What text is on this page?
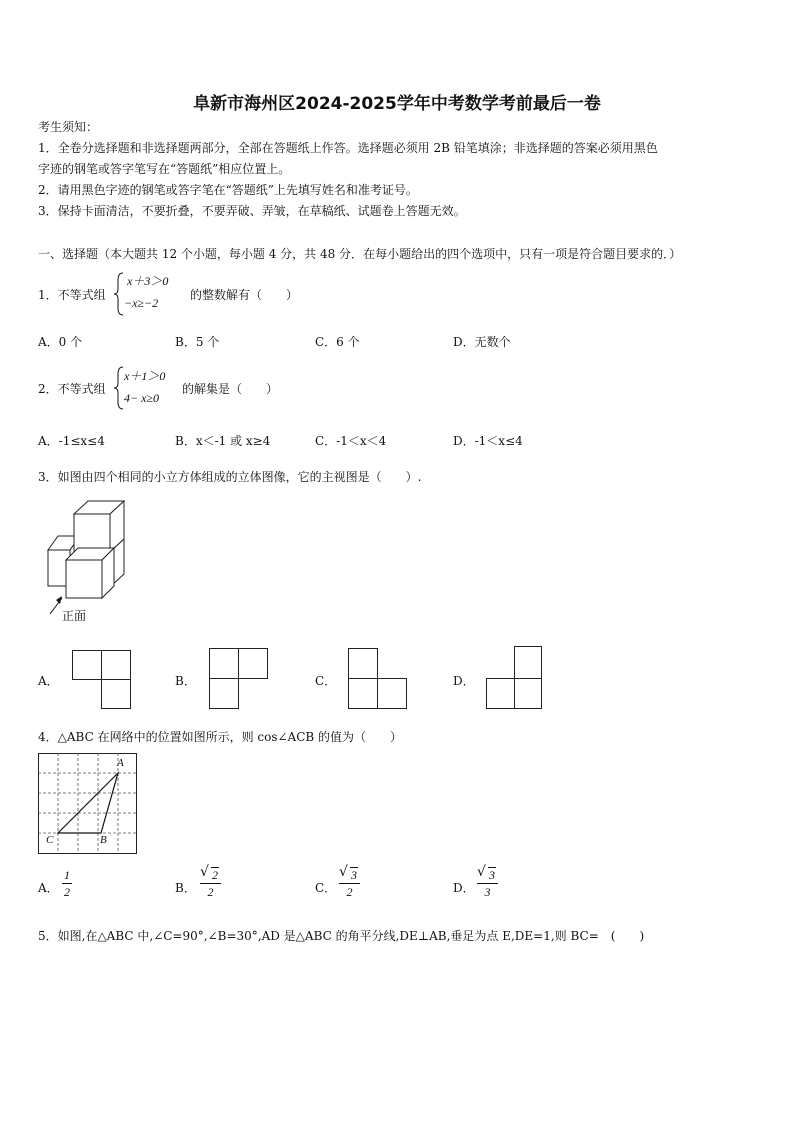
阜新市海州区2024-2025学年中考数学考前最后一卷
考生须知：
1．全卷分选择题和非选择题两部分，全部在答题纸上作答。选择题必须用 2B 铅笔填涂；非选择题的答案必须用黑色
字迹的钢笔或答字笔写在“答题纸”相应位置上。
2．请用黑色字迹的钢笔或答字笔在“答题纸”上先填写姓名和准考证号。
3．保持卡面清洁，不要折叠，不要弄破、弄皱，在草稿纸、试题卷上答题无效。
一、选择题（本大题共 12 个小题，每小题 4 分，共 48 分．在每小题给出的四个选项中，只有一项是符合题目要求的．）
1．不等式组
x＋3＞0
−x≥−2
的整数解有（　　）
A．0 个	B．5 个	C．6 个	D．无数个
2．不等式组
x＋1＞0
4− x≥0
的解集是（　　）
A．-1≤x≤4	B．x＜-1 或 x≥4	C．-1＜x＜4	D．-1＜x≤4
3．如图由四个相同的小立方体组成的立体图像，它的主视图是（　　）.
正面
A．	B．	C．	D．
4．△ABC 在网络中的位置如图所示，则 cos∠ACB 的值为（　　）
A
B
C
A． $\frac{1}{2}$	B． √ $\frac{2}{2}$	C． √ $\frac{3}{2}$	D． √ $\frac{3}{3}$
5．如图,在△ABC 中,∠C=90°,∠B=30°,AD 是△ABC 的角平分线,DE⊥AB,垂足为点 E,DE=1,则 BC=　(　　)
